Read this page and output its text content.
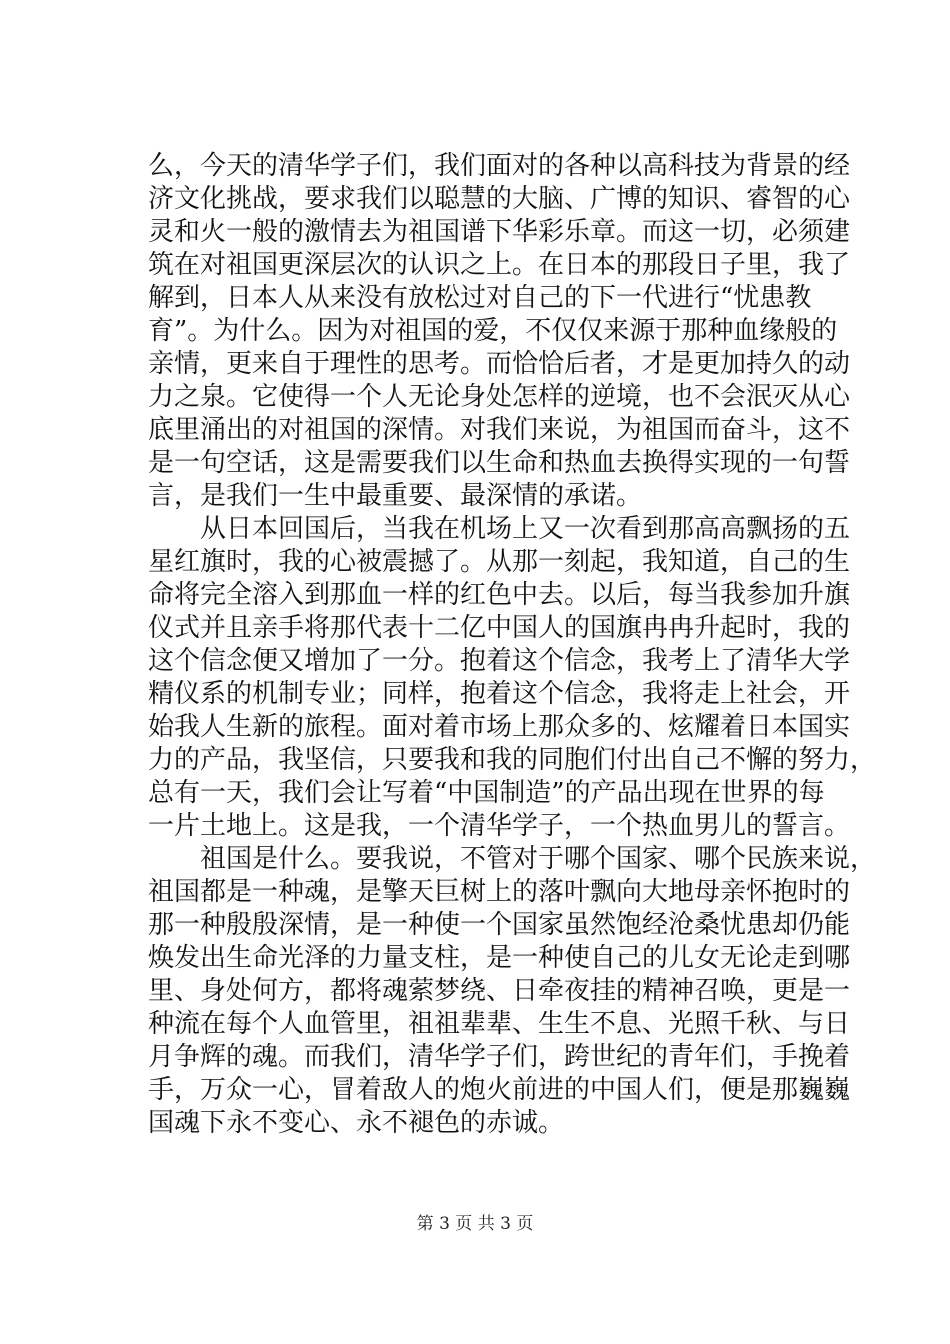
么，今天的清华学子们，我们面对的各种以高科技为背景的经
济文化挑战，要求我们以聪慧的大脑、广博的知识、睿智的心
灵和火一般的激情去为祖国谱下华彩乐章。而这一切，必须建
筑在对祖国更深层次的认识之上。在日本的那段日子里，我了
解到，日本人从来没有放松过对自己的下一代进行“忧患教
育”。为什么。因为对祖国的爱，不仅仅来源于那种血缘般的
亲情，更来自于理性的思考。而恰恰后者，才是更加持久的动
力之泉。它使得一个人无论身处怎样的逆境，也不会泯灭从心
底里涌出的对祖国的深情。对我们来说，为祖国而奋斗，这不
是一句空话，这是需要我们以生命和热血去换得实现的一句誓
言，是我们一生中最重要、最深情的承诺。
　　从日本回国后，当我在机场上又一次看到那高高飘扬的五
星红旗时，我的心被震撼了。从那一刻起，我知道，自己的生
命将完全溶入到那血一样的红色中去。以后，每当我参加升旗
仪式并且亲手将那代表十二亿中国人的国旗冉冉升起时，我的
这个信念便又增加了一分。抱着这个信念，我考上了清华大学
精仪系的机制专业；同样，抱着这个信念，我将走上社会，开
始我人生新的旅程。面对着市场上那众多的、炫耀着日本国实
力的产品，我坚信，只要我和我的同胞们付出自己不懈的努力，
总有一天，我们会让写着“中国制造”的产品出现在世界的每
一片土地上。这是我，一个清华学子，一个热血男儿的誓言。
　　祖国是什么。要我说，不管对于哪个国家、哪个民族来说，
祖国都是一种魂，是擎天巨树上的落叶飘向大地母亲怀抱时的
那一种殷殷深情，是一种使一个国家虽然饱经沧桑忧患却仍能
焕发出生命光泽的力量支柱，是一种使自己的儿女无论走到哪
里、身处何方，都将魂萦梦绕、日牵夜挂的精神召唤，更是一
种流在每个人血管里，祖祖辈辈、生生不息、光照千秋、与日
月争辉的魂。而我们，清华学子们，跨世纪的青年们，手挽着
手，万众一心，冒着敌人的炮火前进的中国人们，便是那巍巍
国魂下永不变心、永不褪色的赤诚。
第 3 页 共 3 页
